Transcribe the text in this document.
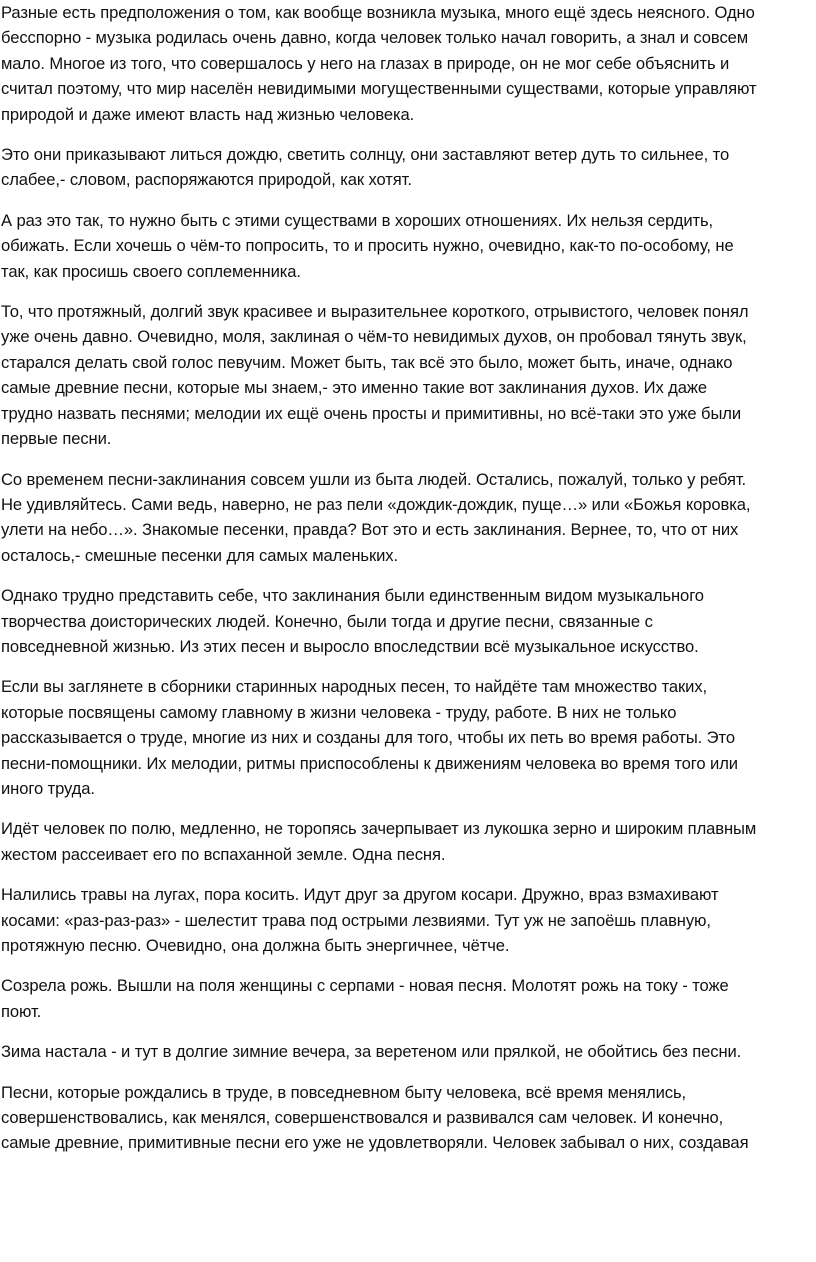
Разные есть предположения о том, как вообще возникла музыка, много ещё здесь неясного. Одно
бесспорно - музыка родилась очень давно, когда человек только начал говорить, а знал и совсем
мало. Многое из того, что совершалось у него на глазах в природе, он не мог себе объяснить и
считал поэтому, что мир населён невидимыми могущественными существами, которые управляют
природой и даже имеют власть над жизнью человека.

Это они приказывают литься дождю, светить солнцу, они заставляют ветер дуть то сильнее, то
слабее,- словом, распоряжаются природой, как хотят.

А раз это так, то нужно быть с этими существами в хороших отношениях. Их нельзя сердить,
обижать. Если хочешь о чём-то попросить, то и просить нужно, очевидно, как-то по-особому, не
так, как просишь своего соплеменника.

То, что протяжный, долгий звук красивее и выразительнее короткого, отрывистого, человек понял
уже очень давно. Очевидно, моля, заклиная о чём-то невидимых духов, он пробовал тянуть звук,
старался делать свой голос певучим. Может быть, так всё это было, может быть, иначе, однако
самые древние песни, которые мы знаем,- это именно такие вот заклинания духов. Их даже
трудно назвать песнями; мелодии их ещё очень просты и примитивны, но всё-таки это уже были
первые песни.

Со временем песни-заклинания совсем ушли из быта людей. Остались, пожалуй, только у ребят.
Не удивляйтесь. Сами ведь, наверно, не раз пели «дождик-дождик, пуще…» или «Божья коровка,
улети на небо…». Знакомые песенки, правда? Вот это и есть заклинания. Вернее, то, что от них
осталось,- смешные песенки для самых маленьких.

Однако трудно представить себе, что заклинания были единственным видом музыкального
творчества доисторических людей. Конечно, были тогда и другие песни, связанные с
повседневной жизнью. Из этих песен и выросло впоследствии всё музыкальное искусство.

Если вы заглянете в сборники старинных народных песен, то найдёте там множество таких,
которые посвящены самому главному в жизни человека - труду, работе. В них не только
рассказывается о труде, многие из них и созданы для того, чтобы их петь во время работы. Это
песни-помощники. Их мелодии, ритмы приспособлены к движениям человека во время того или
иного труда.

Идёт человек по полю, медленно, не торопясь зачерпывает из лукошка зерно и широким плавным
жестом рассеивает его по вспаханной земле. Одна песня.

Налились травы на лугах, пора косить. Идут друг за другом косари. Дружно, враз взмахивают
косами: «раз-раз-раз» - шелестит трава под острыми лезвиями. Тут уж не запоёшь плавную,
протяжную песню. Очевидно, она должна быть энергичнее, чётче.

Созрела рожь. Вышли на поля женщины с серпами - новая песня. Молотят рожь на току - тоже
поют.

Зима настала - и тут в долгие зимние вечера, за веретеном или прялкой, не обойтись без песни.

Песни, которые рождались в труде, в повседневном быту человека, всё время менялись,
совершенствовались, как менялся, совершенствовался и развивался сам человек. И конечно,
самые древние, примитивные песни его уже не удовлетворяли. Человек забывал о них, создавая
